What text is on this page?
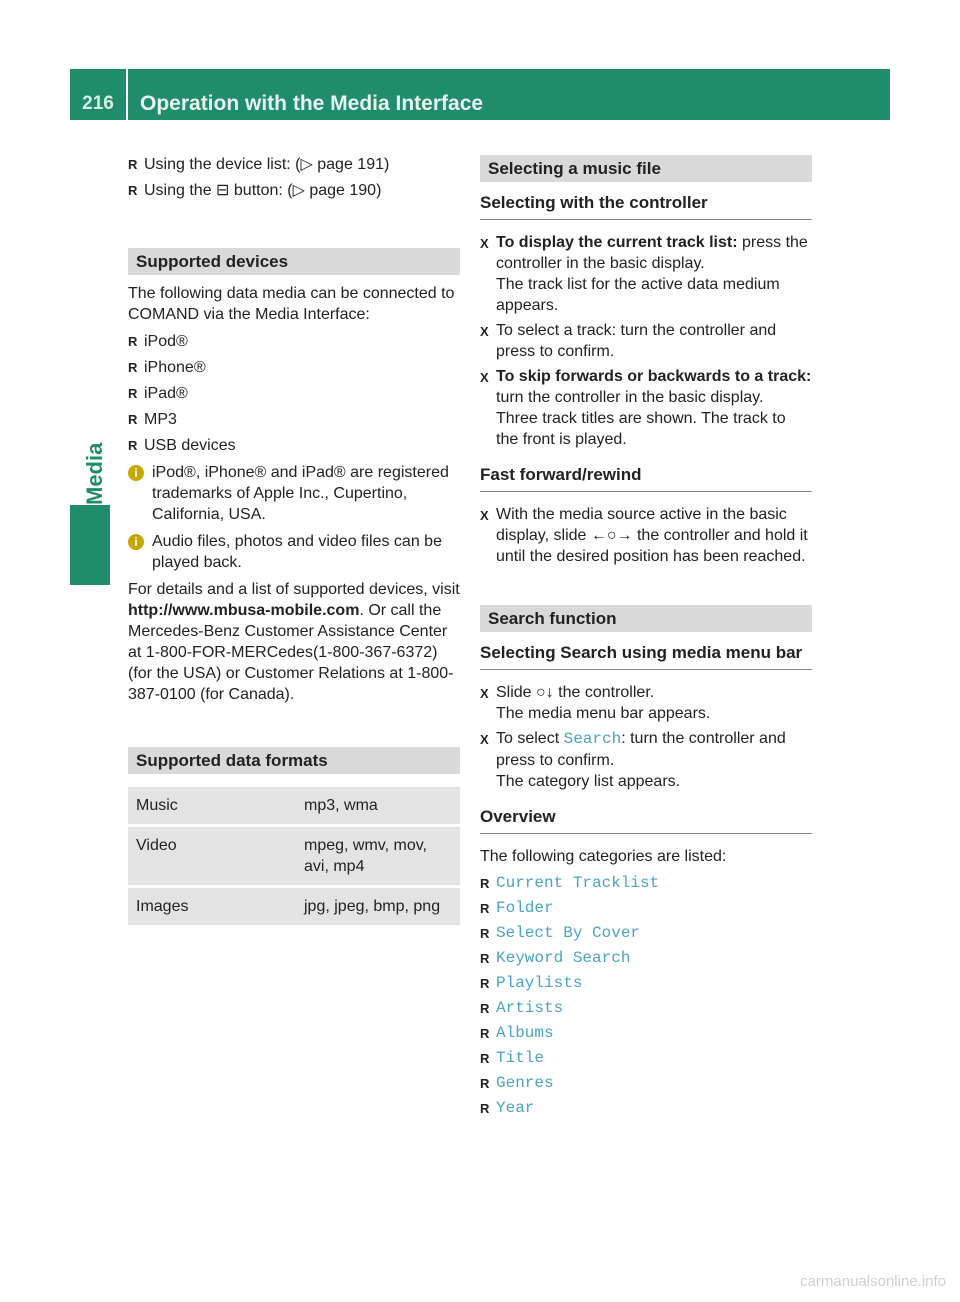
216	Operation with the Media Interface
Media
R Using the device list: (▷ page 191)
R Using the ⊟ button: (▷ page 190)
Supported devices
The following data media can be connected to COMAND via the Media Interface:
R iPod®
R iPhone®
R iPad®
R MP3
R USB devices
i iPod®, iPhone® and iPad® are registered trademarks of Apple Inc., Cupertino, California, USA.
i Audio files, photos and video files can be played back.
For details and a list of supported devices, visit http://www.mbusa-mobile.com. Or call the Mercedes-Benz Customer Assistance Center at 1-800-FOR-MERCedes(1-800-367-6372) (for the USA) or Customer Relations at 1-800-387-0100 (for Canada).
Supported data formats
Music	mp3, wma
Video	mpeg, wmv, mov, avi, mp4
Images	jpg, jpeg, bmp, png
Selecting a music file
Selecting with the controller
X To display the current track list: press the controller in the basic display.
The track list for the active data medium appears.
X To select a track: turn the controller and press to confirm.
X To skip forwards or backwards to a track: turn the controller in the basic display.
Three track titles are shown. The track to the front is played.
Fast forward/rewind
X With the media source active in the basic display, slide ←○→ the controller and hold it until the desired position has been reached.
Search function
Selecting Search using media menu bar
X Slide ○↓ the controller.
The media menu bar appears.
X To select Search: turn the controller and press to confirm.
The category list appears.
Overview
The following categories are listed:
R Current Tracklist
R Folder
R Select By Cover
R Keyword Search
R Playlists
R Artists
R Albums
R Title
R Genres
R Year
carmanualsonline.info
